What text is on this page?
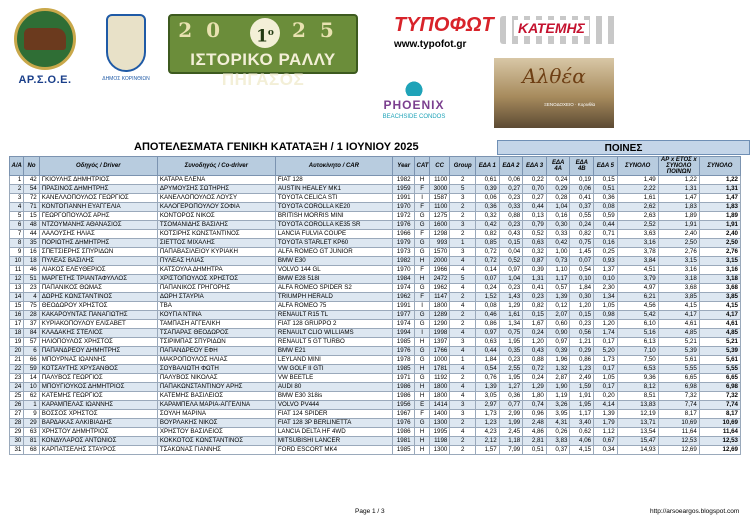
ΑΡ.Σ.Ο.Ε.	ΔΗΜΟΣ ΚΟΡΙΝΘΙΩΝ
20	25
$1^o$
ΙΣΤΟΡΙΚΟ ΡΑΛΛΥ ΠΗΓΑΣΟΣ
ΤΥΠΟΦΩΤ
www.typofot.gr
ΚΑΤΕΜΗΣ
PHOENIX
BEACHSIDE CONDOS
Αλθέα
ΞΕΝΟΔΟΧΕΙΟ · Κορινθία
ΑΠΟΤΕΛΕΣΜΑΤΑ ΓΕΝΙΚΗ ΚΑΤΑΤΑΞΗ / 1 ΙΟΥΝΙΟΥ 2025	ΠΟΙΝΕΣ
Α/Α	Νο	Οδηγός / Driver	Συνοδηγός / Co-driver	Αυτοκίνητο / CAR	Year	CAT	CC	Group	ΕΔΑ 1	ΕΔΑ 2	ΕΔΑ 3	ΕΔΑ 4A	ΕΔΑ 4B	ΕΔΑ 5	ΣΥΝΟΛΟ	ΑΡ x ΕΤΟΣ x ΣΥΝΟΛΟ ΠΟΙΝΩΝ	ΣΥΝΟΛΟ
1	42	ΓΚΙΟΥΛΗΣ ΔΗΜΗΤΡΙΟΣ	ΚΑΤΑΡΑ ΕΛΕΝΑ	FIAT 128	1982	H	1100	2	0,61	0,06	0,22	0,24	0,19	0,15	1,49	1,22	1,22
2	54	ΠΡΑΣΙΝΟΣ ΔΗΜΗΤΡΗΣ	ΔΡΥΜΟΥΣΗΣ ΣΩΤΗΡΗΣ	AUSTIN HEALEY MK1	1959	F	3000	5	0,39	0,27	0,70	0,29	0,06	0,51	2,22	1,31	1,31
3	72	ΚΑΝΕΛΛΟΠΟΥΛΟΣ ΓΕΩΡΓΙΟΣ	ΚΑΝΕΛΛΟΠΟΥΛΟΣ ΛΟΥΣΥ	TOYOTA CELICA STI	1991	I	1587	3	0,06	0,23	0,27	0,28	0,41	0,36	1,61	1,47	1,47
4	71	ΚΟΝΤΟΓΙΑΝΝΗ ΕΥΑΓΓΕΛΙΑ	ΚΑΛΟΓΕΡΟΠΟΥΛΟΥ ΣΟΦΙΑ	TOYOTA COROLLA KE20	1970	F	1100	2	0,36	0,33	0,44	1,04	0,37	0,08	2,62	1,83	1,83
5	15	ΓΕΩΡΓΟΠΟΥΛΟΣ ΑΡΗΣ	ΚΟΝΤΟΡΟΣ ΝΙΚΟΣ	BRITISH MORRIS MINI	1972	G	1275	2	0,32	0,88	0,13	0,16	0,55	0,59	2,63	1,89	1,89
6	48	ΝΤΖΟΥΜΑΝΗΣ ΑΘΑΝΑΣΙΟΣ	ΤΣΟΜΑΝΙΔΗΣ ΒΑΣΙΛΗΣ	TOYOTA COROLLA KE35 SR	1976	G	1600	3	0,42	0,23	0,79	0,30	0,24	0,44	2,52	1,91	1,91
7	44	ΛΑΛΟΥΣΗΣ ΗΛΙΑΣ	ΚΟΤΣΙΡΗΣ ΚΩΝΣΤΑΝΤΙΝΟΣ	LANCIA FULVIA COUPE	1966	F	1298	2	0,82	0,43	0,52	0,33	0,82	0,71	3,63	2,40	2,40
8	35	ΠΟΡΙΩΤΗΣ ΔΗΜΗΤΡΗΣ	ΣΙΕΤΤΟΣ ΜΙΧΑΛΗΣ	TOYOTA STARLET KP60	1979	G	993	1	0,85	0,15	0,63	0,42	0,75	0,16	3,16	2,50	2,50
9	16	ΣΠΕΤΣΙΕΡΗΣ ΣΠΥΡΙΔΩΝ	ΠΑΠΑΒΑΣΙΛΕΙΟΥ ΚΥΡΙΑΚΗ	ALFA ROMEO GT JUNIOR	1973	G	1570	3	0,72	0,04	0,32	1,00	1,45	0,25	3,78	2,76	2,76
10	18	ΠΥΛΕΑΣ ΒΑΣΙΛΗΣ	ΠΥΛΕΑΣ ΗΛΙΑΣ	BMW E30	1982	H	2000	4	0,72	0,52	0,87	0,73	0,07	0,93	3,84	3,15	3,15
11	46	ΛΙΑΚΟΣ ΕΛΕΥΘΕΡΙΟΣ	ΚΑΤΣΟΥΛΑ ΔΗΜΗΤΡΑ	VOLVO 144 GL	1970	F	1966	4	0,14	0,97	0,39	1,10	0,54	1,37	4,51	3,16	3,16
12	51	ΜΑΡΓΕΤΗΣ ΤΡΙΑΝΤΑΦΥΛΛΟΣ	ΧΡΙΣΤΟΠΟΥΛΟΣ ΧΡΗΣΤΟΣ	BMW E28 518I	1984	H	2472	5	0,07	1,04	1,31	1,17	0,10	0,10	3,79	3,18	3,18
13	23	ΠΑΠΑΝΙΚΟΣ ΘΩΜΑΣ	ΠΑΠΑΝΙΚΟΣ ΓΡΗΓΟΡΗΣ	ALFA ROMEO SPIDER S2	1974	G	1962	4	0,24	0,23	0,41	0,57	1,84	2,30	4,97	3,68	3,68
14	4	ΔΩΡΗΣ ΚΩΝΣΤΑΝΤΙΝΟΣ	ΔΩΡΗ ΣΤΑΥΡΙΑ	TRIUMPH HERALD	1962	F	1147	2	1,52	1,43	0,23	1,39	0,30	1,34	6,21	3,85	3,85
15	75	ΘΕΟΔΩΡΟΥ ΧΡΗΣΤΟΣ	ΤΒΑ	ALFA ROMEO 75	1991	I	1800	4	0,08	1,29	0,82	0,12	1,20	1,05	4,56	4,15	4,15
16	28	ΚΑΚΑΡΟΥΝΤΑΣ ΠΑΝΑΓΙΩΤΗΣ	ΚΟΥΓΙΑ ΝΤΙΝΑ	RENAULT R15 TL	1977	G	1289	2	0,46	1,61	0,15	2,07	0,15	0,98	5,42	4,17	4,17
17	37	ΚΥΡΙΑΚΟΠΟΥΛΟΥ ΕΛΙΣΑΒΕΤ	ΤΑΜΠΑΣΗ ΑΓΓΕΛΙΚΗ	FIAT 128 GRUPPO 2	1974	G	1290	2	0,86	1,34	1,67	0,60	0,23	1,20	6,10	4,61	4,61
18	84	ΚΛΑΔΑΚΗΣ ΣΤΕΛΙΟΣ	ΤΣΑΠΑΡΑΣ ΘΕΟΔΩΡΟΣ	RENAULT CLIO WILLIAMS	1994	I	1998	4	0,97	0,75	0,24	0,90	0,56	1,74	5,16	4,85	4,85
19	57	ΗΛΙΟΠΟΥΛΟΣ ΧΡΗΣΤΟΣ	ΤΣΙΡΙΜΠΑΣ ΣΠΥΡΙΔΩΝ	RENAULT 5 GT TURBO	1985	H	1397	3	0,63	1,95	1,20	0,97	1,21	0,17	6,13	5,21	5,21
20	6	ΠΑΠΑΝΔΡΕΟΥ ΔΗΜΗΤΡΗΣ	ΠΑΠΑΝΔΡΕΟΥ ΕΦΗ	BMW E21	1976	G	1766	4	0,44	0,35	0,43	0,39	0,29	5,20	7,10	5,39	5,39
21	66	ΜΠΟΥΡΝΑΣ ΙΩΑΝΝΗΣ	ΜΑΚΡΟΠΟΥΛΟΣ ΗΛΙΑΣ	LEYLAND MINI	1978	G	1000	1	1,84	0,23	0,88	1,96	0,86	1,73	7,50	5,61	5,61
22	59	ΚΟΤΣΑΥΤΗΣ ΧΡΥΣΑΝΘΟΣ	ΣΟΥΒΑΛΙΩΤΗ ΦΩΤΗ	VW GOLF II GTI	1985	H	1781	4	0,54	2,55	0,72	1,32	1,23	0,17	6,53	5,55	5,55
23	14	ΠΑΛΥΒΟΣ ΓΕΩΡΓΙΟΣ	ΠΑΛΥΒΟΣ ΝΙΚΟΛΑΣ	VW BEETLE	1971	G	1192	2	0,76	1,95	0,24	2,87	2,49	1,05	9,36	6,65	6,65
24	10	ΜΠΟΥΓΙΟΥΚΟΣ ΔΗΜΗΤΡΙΟΣ	ΠΑΠΑΚΩΝΣΤΑΝΤΙΝΟΥ ΑΡΗΣ	AUDI 80	1986	H	1800	4	1,39	1,27	1,29	1,90	1,59	0,17	8,12	6,98	6,98
25	62	ΚΑΤΕΜΗΣ ΓΕΩΡΓΙΟΣ	ΚΑΤΕΜΗΣ ΒΑΣΙΛΕΙΟΣ	BMW E30 318is	1986	H	1800	4	3,05	0,36	1,80	1,19	1,91	0,20	8,51	7,32	7,32
26	1	ΚΑΡΑΜΠΕΛΑΣ ΙΩΑΝΝΗΣ	ΚΑΡΑΜΠΕΛΑ ΜΑΡΙΑ-ΑΓΓΕΛΙΝΑ	VOLVO PV444	1956	E	1414	3	2,97	0,77	0,74	3,26	1,95	4,14	13,83	7,74	7,74
27	9	ΒΟΣΣΟΣ ΧΡΗΣΤΟΣ	ΣΟΥΛΗ ΜΑΡΙΝΑ	FIAT 124 SPIDER	1967	F	1400	3	1,73	2,99	0,96	3,95	1,17	1,39	12,19	8,17	8,17
28	29	ΒΑΡΔΑΚΑΣ ΑΛΚΙΒΙΑΔΗΣ	ΒΟΥΡΛΑΚΗΣ ΝΙΚΟΣ	FIAT 128 3P BERLINETTA	1976	G	1300	2	1,23	1,99	2,48	4,31	3,40	1,79	13,71	10,69	10,69
29	63	ΧΡΗΣΤΟΥ ΔΗΜΗΤΡΙΟΣ	ΧΡΗΣΤΟΥ ΒΑΣΙΛΕΙΟΣ	LANCIA DELTA HF 4WD	1986	H	1995	4	4,23	2,45	4,86	0,26	0,62	1,12	13,54	11,64	11,64
30	81	ΚΟΝΔΥΛΑΡΟΣ ΑΝΤΩΝΙΟΣ	ΚΟΚΚΟΤΟΣ ΚΩΝΣΤΑΝΤΙΝΟΣ	MITSUBISHI LANCER	1981	H	1198	2	2,12	1,18	2,81	3,83	4,06	0,67	15,47	12,53	12,53
31	68	ΚΑΡΠΑΤΣΕΛΗΣ ΣΤΑΥΡΟΣ	ΤΣΑΚΩΝΑΣ ΓΙΑΝΝΗΣ	FORD ESCORT MK4	1985	H	1300	2	1,57	7,99	0,51	0,37	4,15	0,34	14,93	12,69	12,69
Page 1 / 3	http://arsoeargos.blogspot.com
